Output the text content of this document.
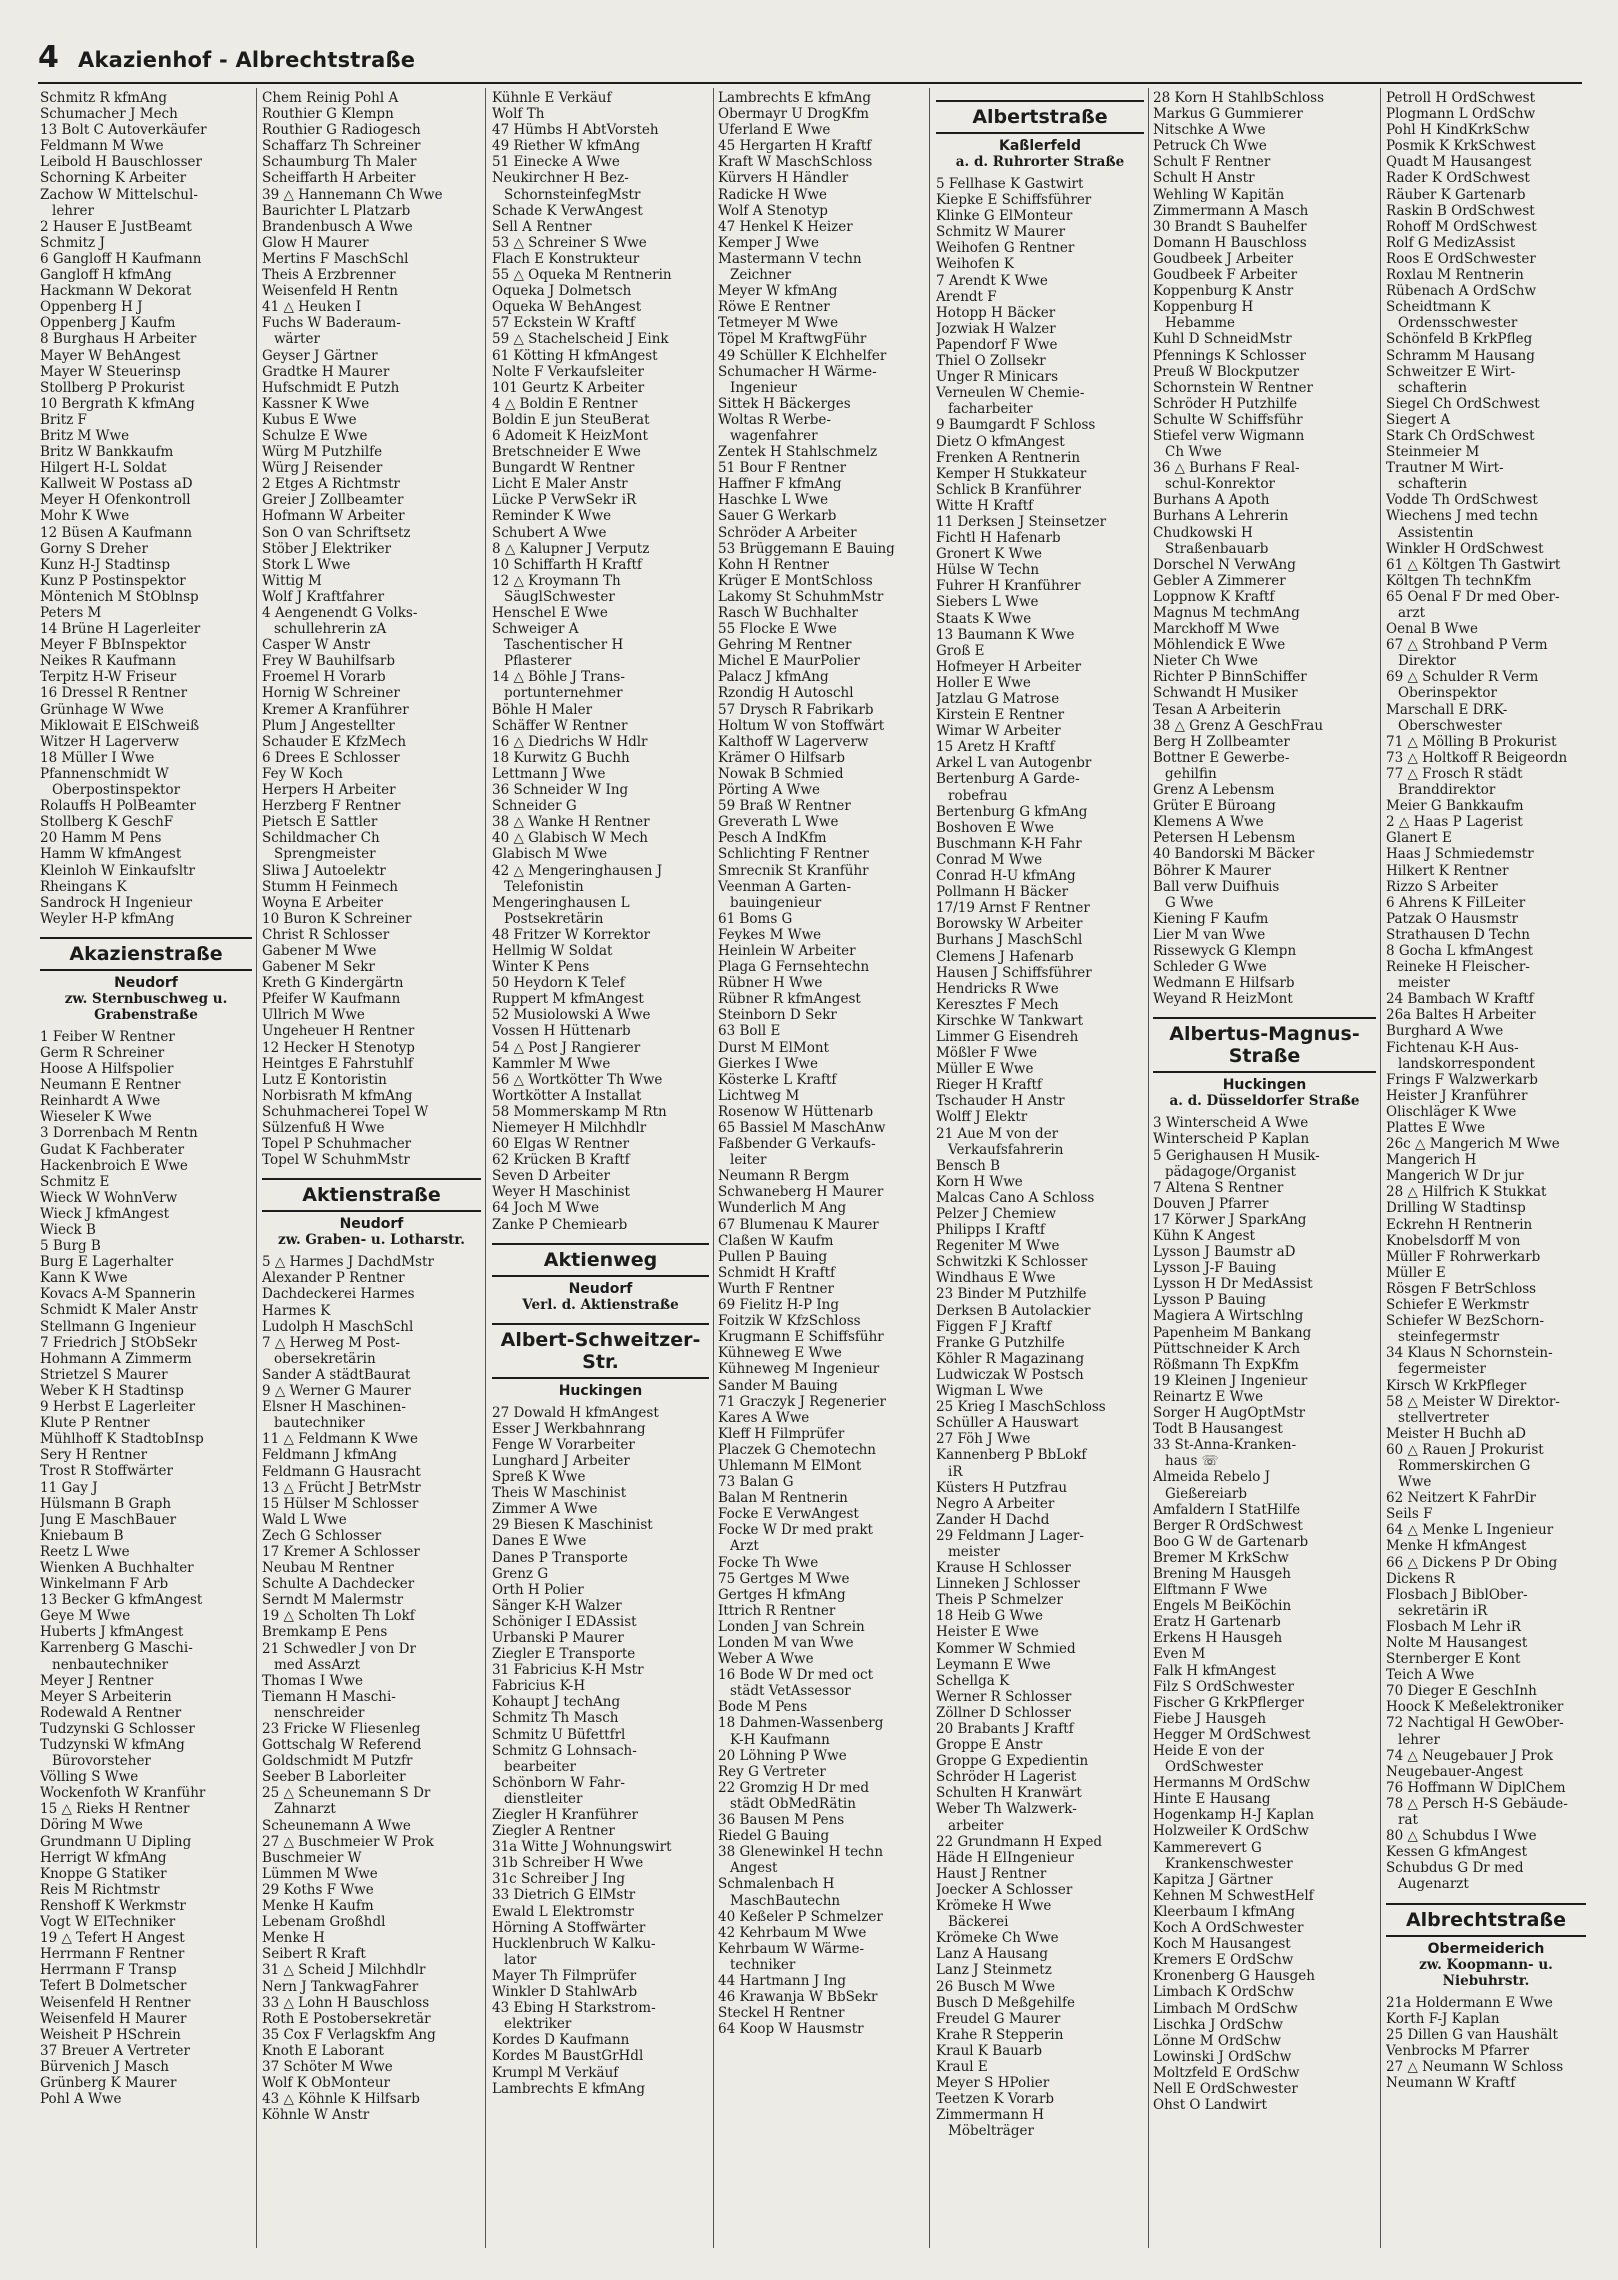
4 Akazienhof - Albrechtstraße
Schmitz R kfmAng
Schumacher J Mech
13 Bolt C Autoverkäufer
Feldmann M Wwe
Leibold H Bauschlosser
Schorning K Arbeiter
Zachow W Mittelschul-
lehrer
2 Hauser E JustBeamt
Schmitz J
6 Gangloff H Kaufmann
Gangloff H kfmAng
Hackmann W Dekorat
Oppenberg H J
Oppenberg J Kaufm
8 Burghaus H Arbeiter
Mayer W BehAngest
Mayer W Steuerinsp
Stollberg P Prokurist
10 Bergrath K kfmAng
Britz F
Britz M Wwe
Britz W Bankkaufm
Hilgert H-L Soldat
Kallweit W Postass aD
Meyer H Ofenkontroll
Mohr K Wwe
12 Büsen A Kaufmann
Gorny S Dreher
Kunz H-J Stadtinsp
Kunz P Postinspektor
Möntenich M StOblnsp
Peters M
14 Brüne H Lagerleiter
Meyer F BbInspektor
Neikes R Kaufmann
Terpitz H-W Friseur
16 Dressel R Rentner
Grünhage W Wwe
Miklowait E ElSchweiß
Witzer H Lagerverw
18 Müller I Wwe
Pfannenschmidt W
Oberpostinspektor
Rolauffs H PolBeamter
Stollberg K GeschF
20 Hamm M Pens
Hamm W kfmAngest
Kleinloh W Einkaufsltr
Rheingans K
Sandrock H Ingenieur
Weyler H-P kfmAng
Akazienstraße
Neudorf
zw. Sternbuschweg u. Grabenstraße
1 Feiber W Rentner
Germ R Schreiner
Hoose A Hilfspolier
Neumann E Rentner
Reinhardt A Wwe
Wieseler K Wwe
3 Dorrenbach M Rentn
Gudat K Fachberater
Hackenbroich E Wwe
Schmitz E
Wieck W WohnVerw
Wieck J kfmAngest
Wieck B
5 Burg B
Burg E Lagerhalter
Kann K Wwe
Kovacs A-M Spannerin
Schmidt K Maler Anstr
Stellmann G Ingenieur
7 Friedrich J StObSekr
Hohmann A Zimmerm
Strietzel S Maurer
Weber K H Stadtinsp
9 Herbst E Lagerleiter
Klute P Rentner
Mühlhoff K StadtobInsp
Sery H Rentner
Trost R Stoffwärter
11 Gay J
Hülsmann B Graph
Jung E MaschBauer
Kniebaum B
Reetz L Wwe
Wienken A Buchhalter
Winkelmann F Arb
13 Becker G kfmAngest
Geye M Wwe
Huberts J kfmAngest
Karrenberg G Maschi-
nenbautechniker
Meyer J Rentner
Meyer S Arbeiterin
Rodewald A Rentner
Tudzynski G Schlosser
Tudzynski W kfmAng
Bürovorsteher
Völling S Wwe
Wockenfoth W Kranführ
15 △ Rieks H Rentner
Döring M Wwe
Grundmann U Dipling
Herrigt W kfmAng
Knoppe G Statiker
Reis M Richtmstr
Renshoff K Werkmstr
Vogt W ElTechniker
19 △ Tefert H Angest
Herrmann F Rentner
Herrmann F Transp
Tefert B Dolmetscher
Weisenfeld H Rentner
Weisenfeld H Maurer
Weisheit P HSchrein
37 Breuer A Vertreter
Bürvenich J Masch
Grünberg K Maurer
Pohl A Wwe
Chem Reinig Pohl A
Routhier G Klempn
Routhier G Radiogesch
Schaffarz Th Schreiner
Schaumburg Th Maler
Scheiffarth H Arbeiter
39 △ Hannemann Ch Wwe
Baurichter L Platzarb
Brandenbusch A Wwe
Glow H Maurer
Mertins F MaschSchl
Theis A Erzbrenner
Weisenfeld H Rentn
41 △ Heuken I
Fuchs W Baderaum-
wärter
Geyser J Gärtner
Gradtke H Maurer
Hufschmidt E Putzh
Kassner K Wwe
Kubus E Wwe
Schulze E Wwe
Würg M Putzhilfe
Würg J Reisender
2 Etges A Richtmstr
Greier J Zollbeamter
Hofmann W Arbeiter
Son O van Schriftsetz
Stöber J Elektriker
Stork L Wwe
Wittig M
Wolf J Kraftfahrer
4 Aengenendt G Volks-
schullehrerin zA
Casper W Anstr
Frey W Bauhilfsarb
Froemel H Vorarb
Hornig W Schreiner
Kremer A Kranführer
Plum J Angestellter
Schauder E KfzMech
6 Drees E Schlosser
Fey W Koch
Herpers H Arbeiter
Herzberg F Rentner
Pietsch E Sattler
Schildmacher Ch
Sprengmeister
Sliwa J Autoelektr
Stumm H Feinmech
Woyna E Arbeiter
10 Buron K Schreiner
Christ R Schlosser
Gabener M Wwe
Gabener M Sekr
Kreth G Kindergärtn
Pfeifer W Kaufmann
Ullrich M Wwe
Ungeheuer H Rentner
12 Hecker H Stenotyp
Heintges E Fahrstuhlf
Lutz E Kontoristin
Norbisrath M kfmAng
Schuhmacherei Topel W
Sülzenfuß H Wwe
Topel P Schuhmacher
Topel W SchuhmMstr
Aktienstraße
Neudorf
zw. Graben- u. Lotharstr.
5 △ Harmes J DachdMstr
Alexander P Rentner
Dachdeckerei Harmes
Harmes K
Ludolph H MaschSchl
7 △ Herweg M Post-
obersekretärin
Sander A städtBaurat
9 △ Werner G Maurer
Elsner H Maschinen-
bautechniker
11 △ Feldmann K Wwe
Feldmann J kfmAng
Feldmann G Hausracht
13 △ Frücht J BetrMstr
15 Hülser M Schlosser
Wald L Wwe
Zech G Schlosser
17 Kremer A Schlosser
Neubau M Rentner
Schulte A Dachdecker
Serndt M Malermstr
19 △ Scholten Th Lokf
Bremkamp E Pens
21 Schwedler J von Dr
med AssArzt
Thomas I Wwe
Tiemann H Maschi-
nenschreider
23 Fricke W Fliesenleg
Gottschalg W Referend
Goldschmidt M Putzfr
Seeber B Laborleiter
25 △ Scheunemann S Dr
Zahnarzt
Scheunemann A Wwe
27 △ Buschmeier W Prok
Buschmeier W
Lümmen M Wwe
29 Koths F Wwe
Menke H Kaufm
Lebenam Großhdl
Menke H
Seibert R Kraft
31 △ Scheid J Milchhdlr
Nern J TankwagFahrer
33 △ Lohn H Bauschloss
Roth E Postobersekretär
35 Cox F Verlagskfm Ang
Knoth E Laborant
37 Schöter M Wwe
Wolf K ObMonteur
43 △ Köhnle K Hilfsarb
Köhnle W Anstr
Kühnle E Verkäuf
Wolf Th
47 Hümbs H AbtVorsteh
49 Riether W kfmAng
51 Einecke A Wwe
Neukirchner H Bez-
SchornsteinfegMstr
Schade K VerwAngest
Sell A Rentner
53 △ Schreiner S Wwe
Flach E Konstrukteur
55 △ Oqueka M Rentnerin
Oqueka J Dolmetsch
Oqueka W BehAngest
57 Eckstein W Kraftf
59 △ Stachelscheid J Eink
61 Kötting H kfmAngest
Nolte F Verkaufsleiter
101 Geurtz K Arbeiter
4 △ Boldin E Rentner
Boldin E jun SteuBerat
6 Adomeit K HeizMont
Bretschneider E Wwe
Bungardt W Rentner
Licht E Maler Anstr
Lücke P VerwSekr iR
Reminder K Wwe
Schubert A Wwe
8 △ Kalupner J Verputz
10 Schiffarth H Kraftf
12 △ Kroymann Th
SäuglSchwester
Henschel E Wwe
Schweiger A
Taschentischer H
Pflasterer
14 △ Böhle J Trans-
portunternehmer
Böhle H Maler
Schäffer W Rentner
16 △ Diedrichs W Hdlr
18 Kurwitz G Buchh
Lettmann J Wwe
36 Schneider W Ing
Schneider G
38 △ Wanke H Rentner
40 △ Glabisch W Mech
Glabisch M Wwe
42 △ Mengeringhausen J
Telefonistin
Mengeringhausen L
Postsekretärin
48 Fritzer W Korrektor
Hellmig W Soldat
Winter K Pens
50 Heydorn K Telef
Ruppert M kfmAngest
52 Musiolowski A Wwe
Vossen H Hüttenarb
54 △ Post J Rangierer
Kammler M Wwe
56 △ Wortkötter Th Wwe
Wortkötter A Installat
58 Mommerskamp M Rtn
Niemeyer H Milchhdlr
60 Elgas W Rentner
62 Krücken B Kraftf
Seven D Arbeiter
Weyer H Maschinist
64 Joch M Wwe
Zanke P Chemiearb
Aktienweg
Neudorf
Verl. d. Aktienstraße
Albert-Schweitzer-Str.
Huckingen
27 Dowald H kfmAngest
Esser J Werkbahnrang
Fenge W Vorarbeiter
Lunghard J Arbeiter
Spreß K Wwe
Theis W Maschinist
Zimmer A Wwe
29 Biesen K Maschinist
Danes E Wwe
Danes P Transporte
Grenz G
Orth H Polier
Sänger K-H Walzer
Schöniger I EDAssist
Urbanski P Maurer
Ziegler E Transporte
31 Fabricius K-H Mstr
Fabricius K-H
Kohaupt J techAng
Schmitz Th Masch
Schmitz U Büfettfrl
Schmitz G Lohnsach-
bearbeiter
Schönborn W Fahr-
dienstleiter
Ziegler H Kranführer
Ziegler A Rentner
31a Witte J Wohnungswirt
31b Schreiber H Wwe
31c Schreiber J Ing
33 Dietrich G ElMstr
Ewald L Elektromstr
Hörning A Stoffwärter
Hucklenbruch W Kalku-
lator
Mayer Th Filmprüfer
Winkler D StahlwArb
43 Ebing H Starkstrom-
elektriker
Kordes D Kaufmann
Kordes M BaustGrHdl
Krumpl M Verkäuf
Lambrechts E kfmAng
Lambrechts E kfmAng
Obermayr U DrogKfm
Uferland E Wwe
45 Hergarten H Kraftf
Kraft W MaschSchloss
Kürvers H Händler
Radicke H Wwe
Wolf A Stenotyp
47 Henkel K Heizer
Kemper J Wwe
Mastermann V techn
Zeichner
Meyer W kfmAng
Röwe E Rentner
Tetmeyer M Wwe
Töpel M KraftwgFühr
49 Schüller K Elchhelfer
Schumacher H Wärme-
Ingenieur
Sittek H Bäckerges
Woltas R Werbe-
wagenfahrer
Zentek H Stahlschmelz
51 Bour F Rentner
Haffner F kfmAng
Haschke L Wwe
Sauer G Werkarb
Schröder A Arbeiter
53 Brüggemann E Bauing
Kohn H Rentner
Krüger E MontSchloss
Lakomy St SchuhmMstr
Rasch W Buchhalter
55 Flocke E Wwe
Gehring M Rentner
Michel E MaurPolier
Palacz J kfmAng
Rzondig H Autoschl
57 Drysch R Fabrikarb
Holtum W von Stoffwärt
Kalthoff W Lagerverw
Krämer O Hilfsarb
Nowak B Schmied
Pörting A Wwe
59 Braß W Rentner
Greverath L Wwe
Pesch A IndKfm
Schlichting F Rentner
Smrecnik St Kranführ
Veenman A Garten-
bauingenieur
61 Boms G
Feykes M Wwe
Heinlein W Arbeiter
Plaga G Fernsehtechn
Rübner H Wwe
Rübner R kfmAngest
Steinborn D Sekr
63 Boll E
Durst M ElMont
Gierkes I Wwe
Kösterke L Kraftf
Lichtweg M
Rosenow W Hüttenarb
65 Bassiel M MaschAnw
Faßbender G Verkaufs-
leiter
Neumann R Bergm
Schwaneberg H Maurer
Wunderlich M Ang
67 Blumenau K Maurer
Claßen W Kaufm
Pullen P Bauing
Schmidt H Kraftf
Wurth F Rentner
69 Fielitz H-P Ing
Foitzik W KfzSchloss
Krugmann E Schiffsführ
Kühneweg E Wwe
Kühneweg M Ingenieur
Sander M Bauing
71 Graczyk J Regenerier
Kares A Wwe
Kleff H Filmprüfer
Placzek G Chemotechn
Uhlemann M ElMont
73 Balan G
Balan M Rentnerin
Focke E VerwAngest
Focke W Dr med prakt
Arzt
Focke Th Wwe
75 Gertges M Wwe
Gertges H kfmAng
Ittrich R Rentner
Londen J van Schrein
Londen M van Wwe
Weber A Wwe
16 Bode W Dr med oct
städt VetAssessor
Bode M Pens
18 Dahmen-Wassenberg
K-H Kaufmann
20 Löhning P Wwe
Rey G Vertreter
22 Gromzig H Dr med
städt ObMedRätin
36 Bausen M Pens
Riedel G Bauing
38 Glenewinkel H techn
Angest
Schmalenbach H
MaschBautechn
40 Keßeler P Schmelzer
42 Kehrbaum M Wwe
Kehrbaum W Wärme-
techniker
44 Hartmann J Ing
46 Krawanja W BbSekr
Steckel H Rentner
64 Koop W Hausmstr
Albertstraße
Kaßlerfeld
a. d. Ruhrorter Straße
5 Fellhase K Gastwirt
Kiepke E Schiffsführer
Klinke G ElMonteur
Schmitz W Maurer
Weihofen G Rentner
Weihofen K
7 Arendt K Wwe
Arendt F
Hotopp H Bäcker
Jozwiak H Walzer
Papendorf F Wwe
Thiel O Zollsekr
Unger R Minicars
Verneulen W Chemie-
facharbeiter
9 Baumgardt F Schloss
Dietz O kfmAngest
Frenken A Rentnerin
Kemper H Stukkateur
Schlick B Kranführer
Witte H Kraftf
11 Derksen J Steinsetzer
Fichtl H Hafenarb
Gronert K Wwe
Hülse W Techn
Fuhrer H Kranführer
Siebers L Wwe
Staats K Wwe
13 Baumann K Wwe
Groß E
Hofmeyer H Arbeiter
Holler E Wwe
Jatzlau G Matrose
Kirstein E Rentner
Wimar W Arbeiter
15 Aretz H Kraftf
Arkel L van Autogenbr
Bertenburg A Garde-
robefrau
Bertenburg G kfmAng
Boshoven E Wwe
Buschmann K-H Fahr
Conrad M Wwe
Conrad H-U kfmAng
Pollmann H Bäcker
17/19 Arnst F Rentner
Borowsky W Arbeiter
Burhans J MaschSchl
Clemens J Hafenarb
Hausen J Schiffsführer
Hendricks R Wwe
Keresztes F Mech
Kirschke W Tankwart
Limmer G Eisendreh
Mößler F Wwe
Müller E Wwe
Rieger H Kraftf
Tschauder H Anstr
Wolff J Elektr
21 Aue M von der
Verkaufsfahrerin
Bensch B
Korn H Wwe
Malcas Cano A Schloss
Pelzer J Chemiew
Philipps I Kraftf
Regeniter M Wwe
Schwitzki K Schlosser
Windhaus E Wwe
23 Binder M Putzhilfe
Derksen B Autolackier
Figgen F J Kraftf
Franke G Putzhilfe
Köhler R Magazinang
Ludwiczak W Postsch
Wigman L Wwe
25 Krieg I MaschSchloss
Schüller A Hauswart
27 Föh J Wwe
Kannenberg P BbLokf
iR
Küsters H Putzfrau
Negro A Arbeiter
Zander H Dachd
29 Feldmann J Lager-
meister
Krause H Schlosser
Linneken J Schlosser
Theis P Schmelzer
18 Heib G Wwe
Heister E Wwe
Kommer W Schmied
Leymann E Wwe
Schellga K
Werner R Schlosser
Zöllner D Schlosser
20 Brabants J Kraftf
Groppe E Anstr
Groppe G Expedientin
Schröder H Lagerist
Schulten H Kranwärt
Weber Th Walzwerk-
arbeiter
22 Grundmann H Exped
Häde H ElIngenieur
Haust J Rentner
Joecker A Schlosser
Krömeke H Wwe
Bäckerei
Krömeke Ch Wwe
Lanz A Hausang
Lanz J Steinmetz
26 Busch M Wwe
Busch D Meßgehilfe
Freudel G Maurer
Krahe R Stepperin
Kraul K Bauarb
Kraul E
Meyer S HPolier
Teetzen K Vorarb
Zimmermann H
Möbelträger
28 Korn H StahlbSchloss
Markus G Gummierer
Nitschke A Wwe
Petruck Ch Wwe
Schult F Rentner
Schult H Anstr
Wehling W Kapitän
Zimmermann A Masch
30 Brandt S Bauhelfer
Domann H Bauschloss
Goudbeek J Arbeiter
Goudbeek F Arbeiter
Koppenburg K Anstr
Koppenburg H
Hebamme
Kuhl D SchneidMstr
Pfennings K Schlosser
Preuß W Blockputzer
Schornstein W Rentner
Schröder H Putzhilfe
Schulte W Schiffsführ
Stiefel verw Wigmann
Ch Wwe
36 △ Burhans F Real-
schul-Konrektor
Burhans A Apoth
Burhans A Lehrerin
Chudkowski H
Straßenbauarb
Dorschel N VerwAng
Gebler A Zimmerer
Loppnow K Kraftf
Magnus M techmAng
Marckhoff M Wwe
Möhlendick E Wwe
Nieter Ch Wwe
Richter P BinnSchiffer
Schwandt H Musiker
Tesan A Arbeiterin
38 △ Grenz A GeschFrau
Berg H Zollbeamter
Bottner E Gewerbe-
gehilfin
Grenz A Lebensm
Grüter E Büroang
Klemens A Wwe
Petersen H Lebensm
40 Bandorski M Bäcker
Böhrer K Maurer
Ball verw Duifhuis
G Wwe
Kiening F Kaufm
Lier M van Wwe
Rissewyck G Klempn
Schleder G Wwe
Wedmann E Hilfsarb
Weyand R HeizMont
Albertus-Magnus-Straße
Huckingen
a. d. Düsseldorfer Straße
3 Winterscheid A Wwe
Winterscheid P Kaplan
5 Gerighausen H Musik-
pädagoge/Organist
7 Altena S Rentner
Douven J Pfarrer
17 Körwer J SparkAng
Kühn K Angest
Lysson J Baumstr aD
Lysson J-F Bauing
Lysson H Dr MedAssist
Lysson P Bauing
Magiera A Wirtschlng
Papenheim M Bankang
Püttschneider K Arch
Rößmann Th ExpKfm
19 Kleinen J Ingenieur
Reinartz E Wwe
Sorger H AugOptMstr
Todt B Hausangest
33 St-Anna-Kranken-
haus ☏
Almeida Rebelo J
Gießereiarb
Amfaldern I StatHilfe
Berger R OrdSchwest
Boo G W de Gartenarb
Bremer M KrkSchw
Brening M Hausgeh
Elftmann F Wwe
Engels M BeiKöchin
Eratz H Gartenarb
Erkens H Hausgeh
Even M
Falk H kfmAngest
Filz S OrdSchwester
Fischer G KrkPflerger
Fiebe J Hausgeh
Hegger M OrdSchwest
Heide E von der
OrdSchwester
Hermanns M OrdSchw
Hinte E Hausang
Hogenkamp H-J Kaplan
Holzweiler K OrdSchw
Kammerevert G
Krankenschwester
Kapitza J Gärtner
Kehnen M SchwestHelf
Kleerbaum I kfmAng
Koch A OrdSchwester
Koch M Hausangest
Kremers E OrdSchw
Kronenberg G Hausgeh
Limbach K OrdSchw
Limbach M OrdSchw
Lischka J OrdSchw
Lönne M OrdSchw
Lowinski J OrdSchw
Moltzfeld E OrdSchw
Nell E OrdSchwester
Ohst O Landwirt
Petroll H OrdSchwest
Plogmann L OrdSchw
Pohl H KindKrkSchw
Posmik K KrkSchwest
Quadt M Hausangest
Rader K OrdSchwest
Räuber K Gartenarb
Raskin B OrdSchwest
Rohoff M OrdSchwest
Rolf G MedizAssist
Roos E OrdSchwester
Roxlau M Rentnerin
Rübenach A OrdSchw
Scheidtmann K
Ordensschwester
Schönfeld B KrkPfleg
Schramm M Hausang
Schweitzer E Wirt-
schafterin
Siegel Ch OrdSchwest
Siegert A
Stark Ch OrdSchwest
Steinmeier M
Trautner M Wirt-
schafterin
Vodde Th OrdSchwest
Wiechens J med techn
Assistentin
Winkler H OrdSchwest
61 △ Költgen Th Gastwirt
Költgen Th technKfm
65 Oenal F Dr med Ober-
arzt
Oenal B Wwe
67 △ Strohband P Verm
Direktor
69 △ Schulder R Verm
Oberinspektor
Marschall E DRK-
Oberschwester
71 △ Mölling B Prokurist
73 △ Holtkoff R Beigeordn
77 △ Frosch R städt
Branddirektor
Meier G Bankkaufm
2 △ Haas P Lagerist
Glanert E
Haas J Schmiedemstr
Hilkert K Rentner
Rizzo S Arbeiter
6 Ahrens K FilLeiter
Patzak O Hausmstr
Strathausen D Techn
8 Gocha L kfmAngest
Reineke H Fleischer-
meister
24 Bambach W Kraftf
26a Baltes H Arbeiter
Burghard A Wwe
Fichtenau K-H Aus-
landskorrespondent
Frings F Walzwerkarb
Heister J Kranführer
Olischläger K Wwe
Plattes E Wwe
26c △ Mangerich M Wwe
Mangerich H
Mangerich W Dr jur
28 △ Hilfrich K Stukkat
Drilling W Stadtinsp
Eckrehn H Rentnerin
Knobelsdorff M von
Müller F Rohrwerkarb
Müller E
Rösgen F BetrSchloss
Schiefer E Werkmstr
Schiefer W BezSchorn-
steinfegermstr
34 Klaus N Schornstein-
fegermeister
Kirsch W KrkPfleger
58 △ Meister W Direktor-
stellvertreter
Meister H Buchh aD
60 △ Rauen J Prokurist
Rommerskirchen G
Wwe
62 Neitzert K FahrDir
Seils F
64 △ Menke L Ingenieur
Menke H kfmAngest
66 △ Dickens P Dr Obing
Dickens R
Flosbach J BiblOber-
sekretärin iR
Flosbach M Lehr iR
Nolte M Hausangest
Sternberger E Kont
Teich A Wwe
70 Dieger E GeschInh
Hoock K Meßelektroniker
72 Nachtigal H GewOber-
lehrer
74 △ Neugebauer J Prok
Neugebauer-Angest
76 Hoffmann W DiplChem
78 △ Persch H-S Gebäude-
rat
80 △ Schubdus I Wwe
Kessen G kfmAngest
Schubdus G Dr med
Augenarzt
Albrechtstraße
Obermeiderich
zw. Koopmann- u. Niebuhrstr.
21a Holdermann E Wwe
Korth F-J Kaplan
25 Dillen G van Haushält
Venbrocks M Pfarrer
27 △ Neumann W Schloss
Neumann W Kraftf
